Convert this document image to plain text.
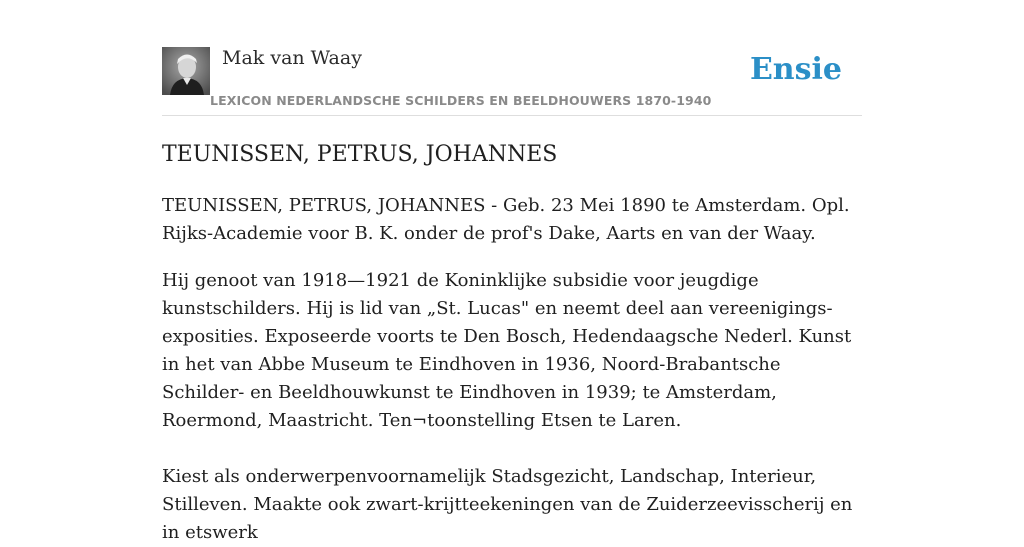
Mak van Waay
LEXICON NEDERLANDSCHE SCHILDERS EN BEELDHOUWERS 1870-1940
Ensie
TEUNISSEN, PETRUS, JOHANNES

TEUNISSEN, PETRUS, JOHANNES - Geb. 23 Mei 1890 te Amsterdam. Opl. Rijks-Academie voor B. K. onder de prof's Dake, Aarts en van der Waay.

Hij genoot van 1918—1921 de Koninklijke subsidie voor jeugdige kunstschilders. Hij is lid van „St. Lucas" en neemt deel aan vereenigings-exposities. Exposeerde voorts te Den Bosch, Hedendaagsche Nederl. Kunst in het van Abbe Museum te Eindhoven in 1936, Noord-Brabantsche Schilder- en Beeldhouwkunst te Eindhoven in 1939; te Amsterdam, Roermond, Maastricht. Ten¬toonstelling Etsen te Laren.

Kiest als onderwerpenvoornamelijk Stadsgezicht, Landschap, Interieur, Stilleven. Maakte ook zwart-krijtteekeningen van de Zuiderzeevisscherij en in etswerk
